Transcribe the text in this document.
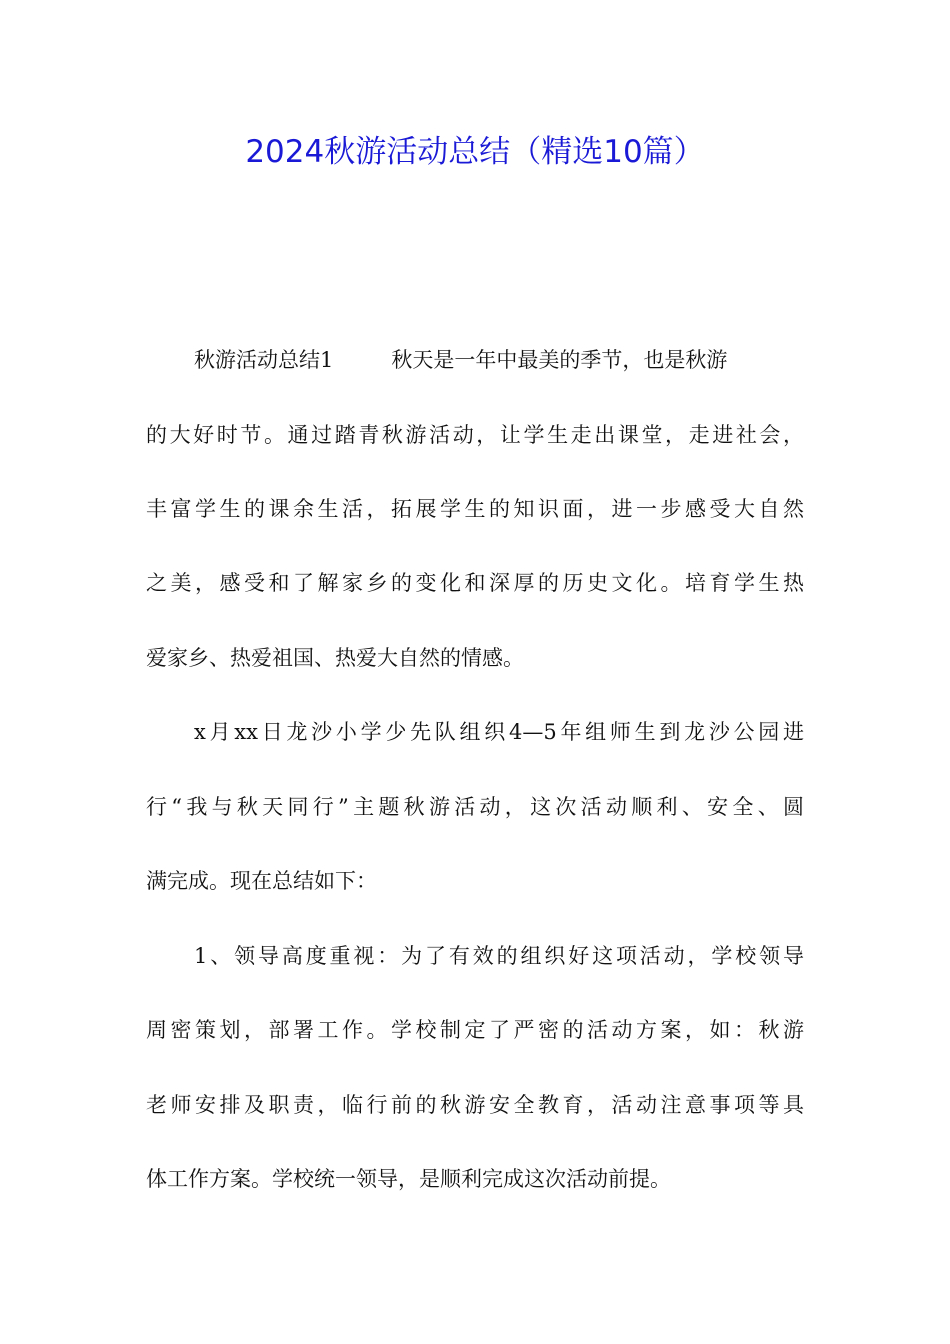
2024秋游活动总结（精选10篇）
秋游活动总结1	秋天是一年中最美的季节，也是秋游
的大好时节。通过踏青秋游活动，让学生走出课堂，走进社会，
丰富学生的课余生活，拓展学生的知识面，进一步感受大自然
之美，感受和了解家乡的变化和深厚的历史文化。培育学生热
爱家乡、热爱祖国、热爱大自然的情感。
x月xx日龙沙小学少先队组织4—5年组师生到龙沙公园进
行“我与秋天同行”主题秋游活动，这次活动顺利、安全、圆
满完成。现在总结如下：
1、领导高度重视：为了有效的组织好这项活动，学校领导
周密策划，部署工作。学校制定了严密的活动方案，如：秋游
老师安排及职责，临行前的秋游安全教育，活动注意事项等具
体工作方案。学校统一领导，是顺利完成这次活动前提。
